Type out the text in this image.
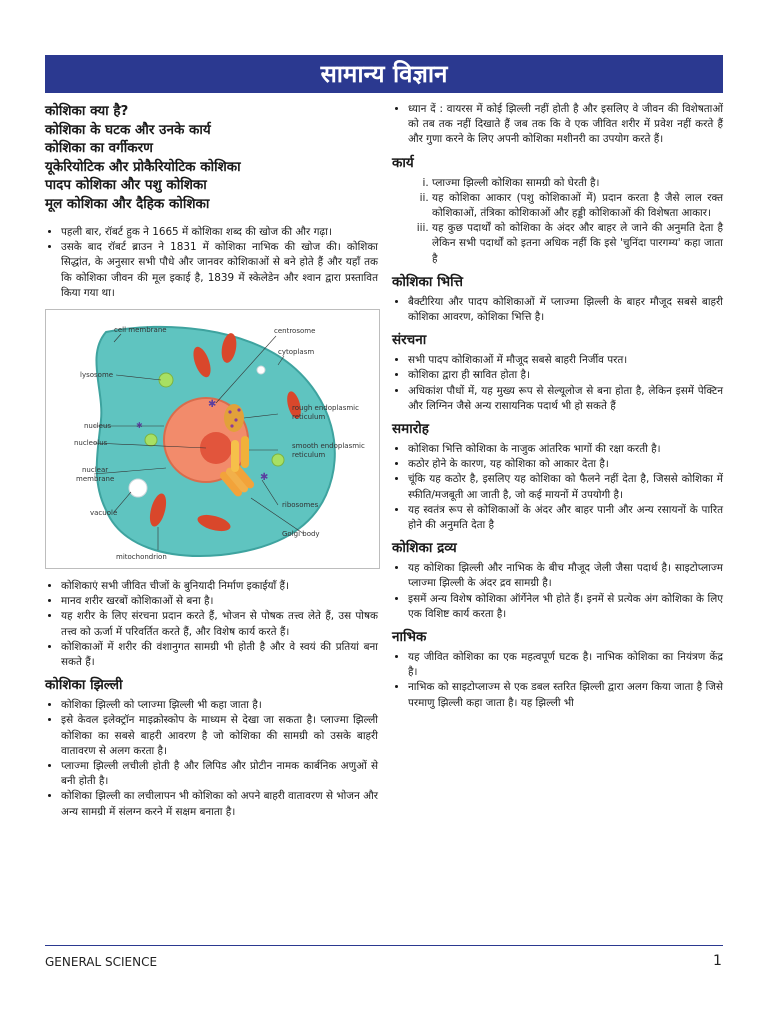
सामान्य विज्ञान
कोशिका क्या है?
कोशिका के घटक और उनके कार्य
कोशिका का वर्गीकरण
यूकेरियोटिक और प्रोकैरियोटिक कोशिका
पादप कोशिका और पशु कोशिका
मूल कोशिका और दैहिक कोशिका
• पहली बार, रॉबर्ट हुक ने 1665 में कोशिका शब्द की खोज की और गढ़ा।
• उसके बाद रॉबर्ट ब्राउन ने 1831 में कोशिका नाभिक की खोज की। कोशिका सिद्धांत, के अनुसार सभी पौधे और जानवर कोशिकाओं से बने होते हैं और यहाँ तक कि कोशिका जीवन की मूल इकाई है, 1839 में स्केलेडेन और श्वान द्वारा प्रस्तावित किया गया था।
✱
✱
✱
cell membrane	centrosome
lysosome
cytoplasm
rough endoplasmic
reticulum
nucleus
nucleolus	smooth endoplasmic
reticulum
nuclear
membrane
ribosomes
vacuole
Golgi body
mitochondrion
• कोशिकाएं सभी जीवित चीजों के बुनियादी निर्माण इकाईयाँ हैं।
• मानव शरीर खरबों कोशिकाओं से बना है।
• यह शरीर के लिए संरचना प्रदान करते हैं, भोजन से पोषक तत्त्व लेते हैं, उस पोषक तत्त्व को ऊर्जा में परिवर्तित करते हैं, और विशेष कार्य करते हैं।
• कोशिकाओं में शरीर की वंशानुगत सामग्री भी होती है और वे स्वयं की प्रतियां बना सकते हैं।
कोशिका झिल्ली
• कोशिका झिल्ली को प्लाज्मा झिल्ली भी कहा जाता है।
• इसे केवल इलेक्ट्रॉन माइक्रोस्कोप के माध्यम से देखा जा सकता है। प्लाज्मा झिल्ली कोशिका का सबसे बाहरी आवरण है जो कोशिका की सामग्री को उसके बाहरी वातावरण से अलग करता है।
• प्लाज्मा झिल्ली लचीली होती है और लिपिड और प्रोटीन नामक कार्बनिक अणुओं से बनी होती है।
• कोशिका झिल्ली का लचीलापन भी कोशिका को अपने बाहरी वातावरण से भोजन और अन्य सामग्री में संलग्न करने में सक्षम बनाता है।
• ध्यान दें : वायरस में कोई झिल्ली नहीं होती है और इसलिए वे जीवन की विशेषताओं को तब तक नहीं दिखाते हैं जब तक कि वे एक जीवित शरीर में प्रवेश नहीं करते हैं और गुणा करने के लिए अपनी कोशिका मशीनरी का उपयोग करते हैं।
कार्य
i. प्लाज्मा झिल्ली कोशिका सामग्री को घेरती है।
ii. यह कोशिका आकार (पशु कोशिकाओं में) प्रदान करता है जैसे लाल रक्त कोशिकाओं, तंत्रिका कोशिकाओं और हड्डी कोशिकाओं की विशेषता आकार।
iii. यह कुछ पदार्थों को कोशिका के अंदर और बाहर ले जाने की अनुमति देता है लेकिन सभी पदार्थों को इतना अधिक नहीं कि इसे 'चुनिंदा पारगम्य' कहा जाता है
कोशिका भित्ति
• बैक्टीरिया और पादप कोशिकाओं में प्लाज्मा झिल्ली के बाहर मौजूद सबसे बाहरी कोशिका आवरण, कोशिका भित्ति है।
संरचना
• सभी पादप कोशिकाओं में मौजूद सबसे बाहरी निर्जीव परत।
• कोशिका द्वारा ही स्रावित होता है।
• अधिकांश पौधों में, यह मुख्य रूप से सेल्यूलोज से बना होता है, लेकिन इसमें पेक्टिन और लिग्निन जैसे अन्य रासायनिक पदार्थ भी हो सकते हैं
समारोह
• कोशिका भित्ति कोशिका के नाजुक आंतरिक भागों की रक्षा करती है।
• कठोर होने के कारण, यह कोशिका को आकार देता है।
• चूंकि यह कठोर है, इसलिए यह कोशिका को फैलने नहीं देता है, जिससे कोशिका में स्फीति/मजबूती आ जाती है, जो कई मायनों में उपयोगी है।
• यह स्वतंत्र रूप से कोशिकाओं के अंदर और बाहर पानी और अन्य रसायनों के पारित होने की अनुमति देता है
कोशिका द्रव्य
• यह कोशिका झिल्ली और नाभिक के बीच मौजूद जेली जैसा पदार्थ है। साइटोप्लाज्म प्लाज्मा झिल्ली के अंदर द्रव सामग्री है।
• इसमें अन्य विशेष कोशिका ऑर्गेनेल भी होते हैं। इनमें से प्रत्येक अंग कोशिका के लिए एक विशिष्ट कार्य करता है।
नाभिक
• यह जीवित कोशिका का एक महत्वपूर्ण घटक है। नाभिक कोशिका का नियंत्रण केंद्र है।
• नाभिक को साइटोप्लाज्म से एक डबल स्तरित झिल्ली द्वारा अलग किया जाता है जिसे परमाणु झिल्ली कहा जाता है। यह झिल्ली भी
GENERAL SCIENCE	1
